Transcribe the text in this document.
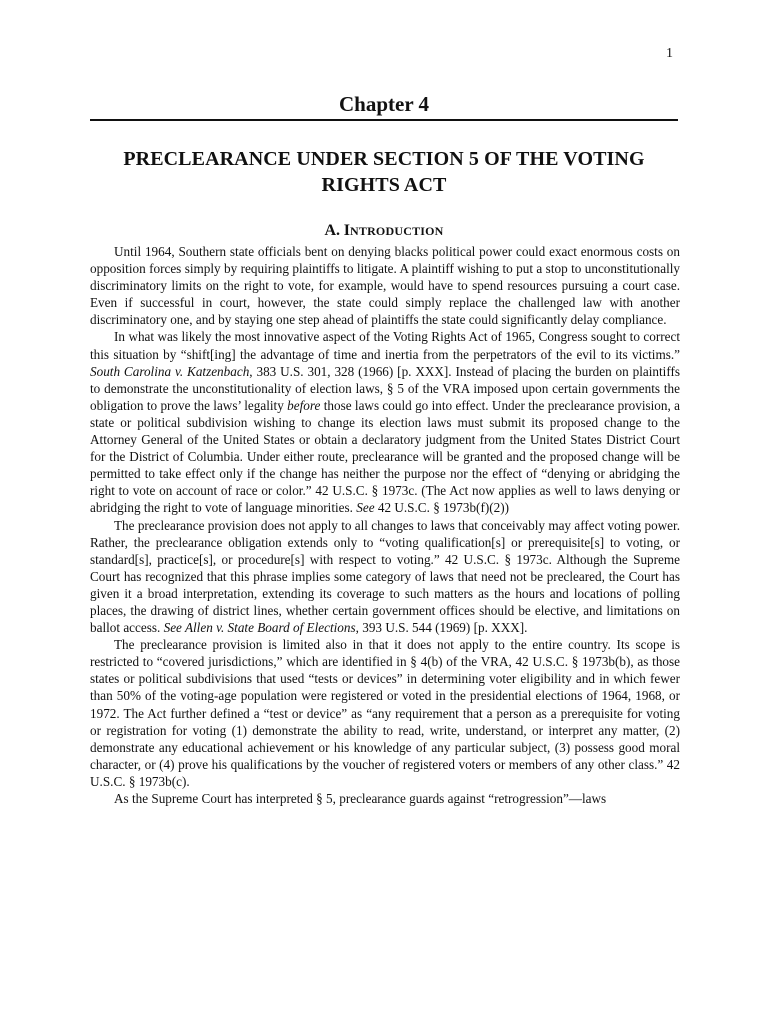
1
Chapter 4
PRECLEARANCE UNDER SECTION 5 OF THE VOTING
RIGHTS ACT
A. INTRODUCTION

Until 1964, Southern state officials bent on denying blacks political power could exact enormous costs on opposition forces simply by requiring plaintiffs to litigate. A plaintiff wishing to put a stop to unconstitutionally discriminatory limits on the right to vote, for example, would have to spend resources pursuing a court case. Even if successful in court, however, the state could simply replace the challenged law with another discriminatory one, and by staying one step ahead of plaintiffs the state could significantly delay compliance.

In what was likely the most innovative aspect of the Voting Rights Act of 1965, Congress sought to correct this situation by “shift[ing] the advantage of time and inertia from the perpetrators of the evil to its victims.” South Carolina v. Katzenbach, 383 U.S. 301, 328 (1966) [p. XXX]. Instead of placing the burden on plaintiffs to demonstrate the unconstitutionality of election laws, § 5 of the VRA imposed upon certain governments the obligation to prove the laws’ legality before those laws could go into effect. Under the preclearance provision, a state or political subdivision wishing to change its election laws must submit its proposed change to the Attorney General of the United States or obtain a declaratory judgment from the United States District Court for the District of Columbia. Under either route, preclearance will be granted and the proposed change will be permitted to take effect only if the change has neither the purpose nor the effect of “denying or abridging the right to vote on account of race or color.” 42 U.S.C. § 1973c. (The Act now applies as well to laws denying or abridging the right to vote of language minorities. See 42 U.S.C. § 1973b(f)(2))

The preclearance provision does not apply to all changes to laws that conceivably may affect voting power. Rather, the preclearance obligation extends only to “voting qualification[s] or prerequisite[s] to voting, or standard[s], practice[s], or procedure[s] with respect to voting.” 42 U.S.C. § 1973c. Although the Supreme Court has recognized that this phrase implies some category of laws that need not be precleared, the Court has given it a broad interpretation, extending its coverage to such matters as the hours and locations of polling places, the drawing of district lines, whether certain government offices should be elective, and limitations on ballot access. See Allen v. State Board of Elections, 393 U.S. 544 (1969) [p. XXX].

The preclearance provision is limited also in that it does not apply to the entire country. Its scope is restricted to “covered jurisdictions,” which are identified in § 4(b) of the VRA, 42 U.S.C. § 1973b(b), as those states or political subdivisions that used “tests or devices” in determining voter eligibility and in which fewer than 50% of the voting-age population were registered or voted in the presidential elections of 1964, 1968, or 1972. The Act further defined a “test or device” as “any requirement that a person as a prerequisite for voting or registration for voting (1) demonstrate the ability to read, write, understand, or interpret any matter, (2) demonstrate any educational achievement or his knowledge of any particular subject, (3) possess good moral character, or (4) prove his qualifications by the voucher of registered voters or members of any other class.” 42 U.S.C. § 1973b(c).

As the Supreme Court has interpreted § 5, preclearance guards against “retrogression”—laws
